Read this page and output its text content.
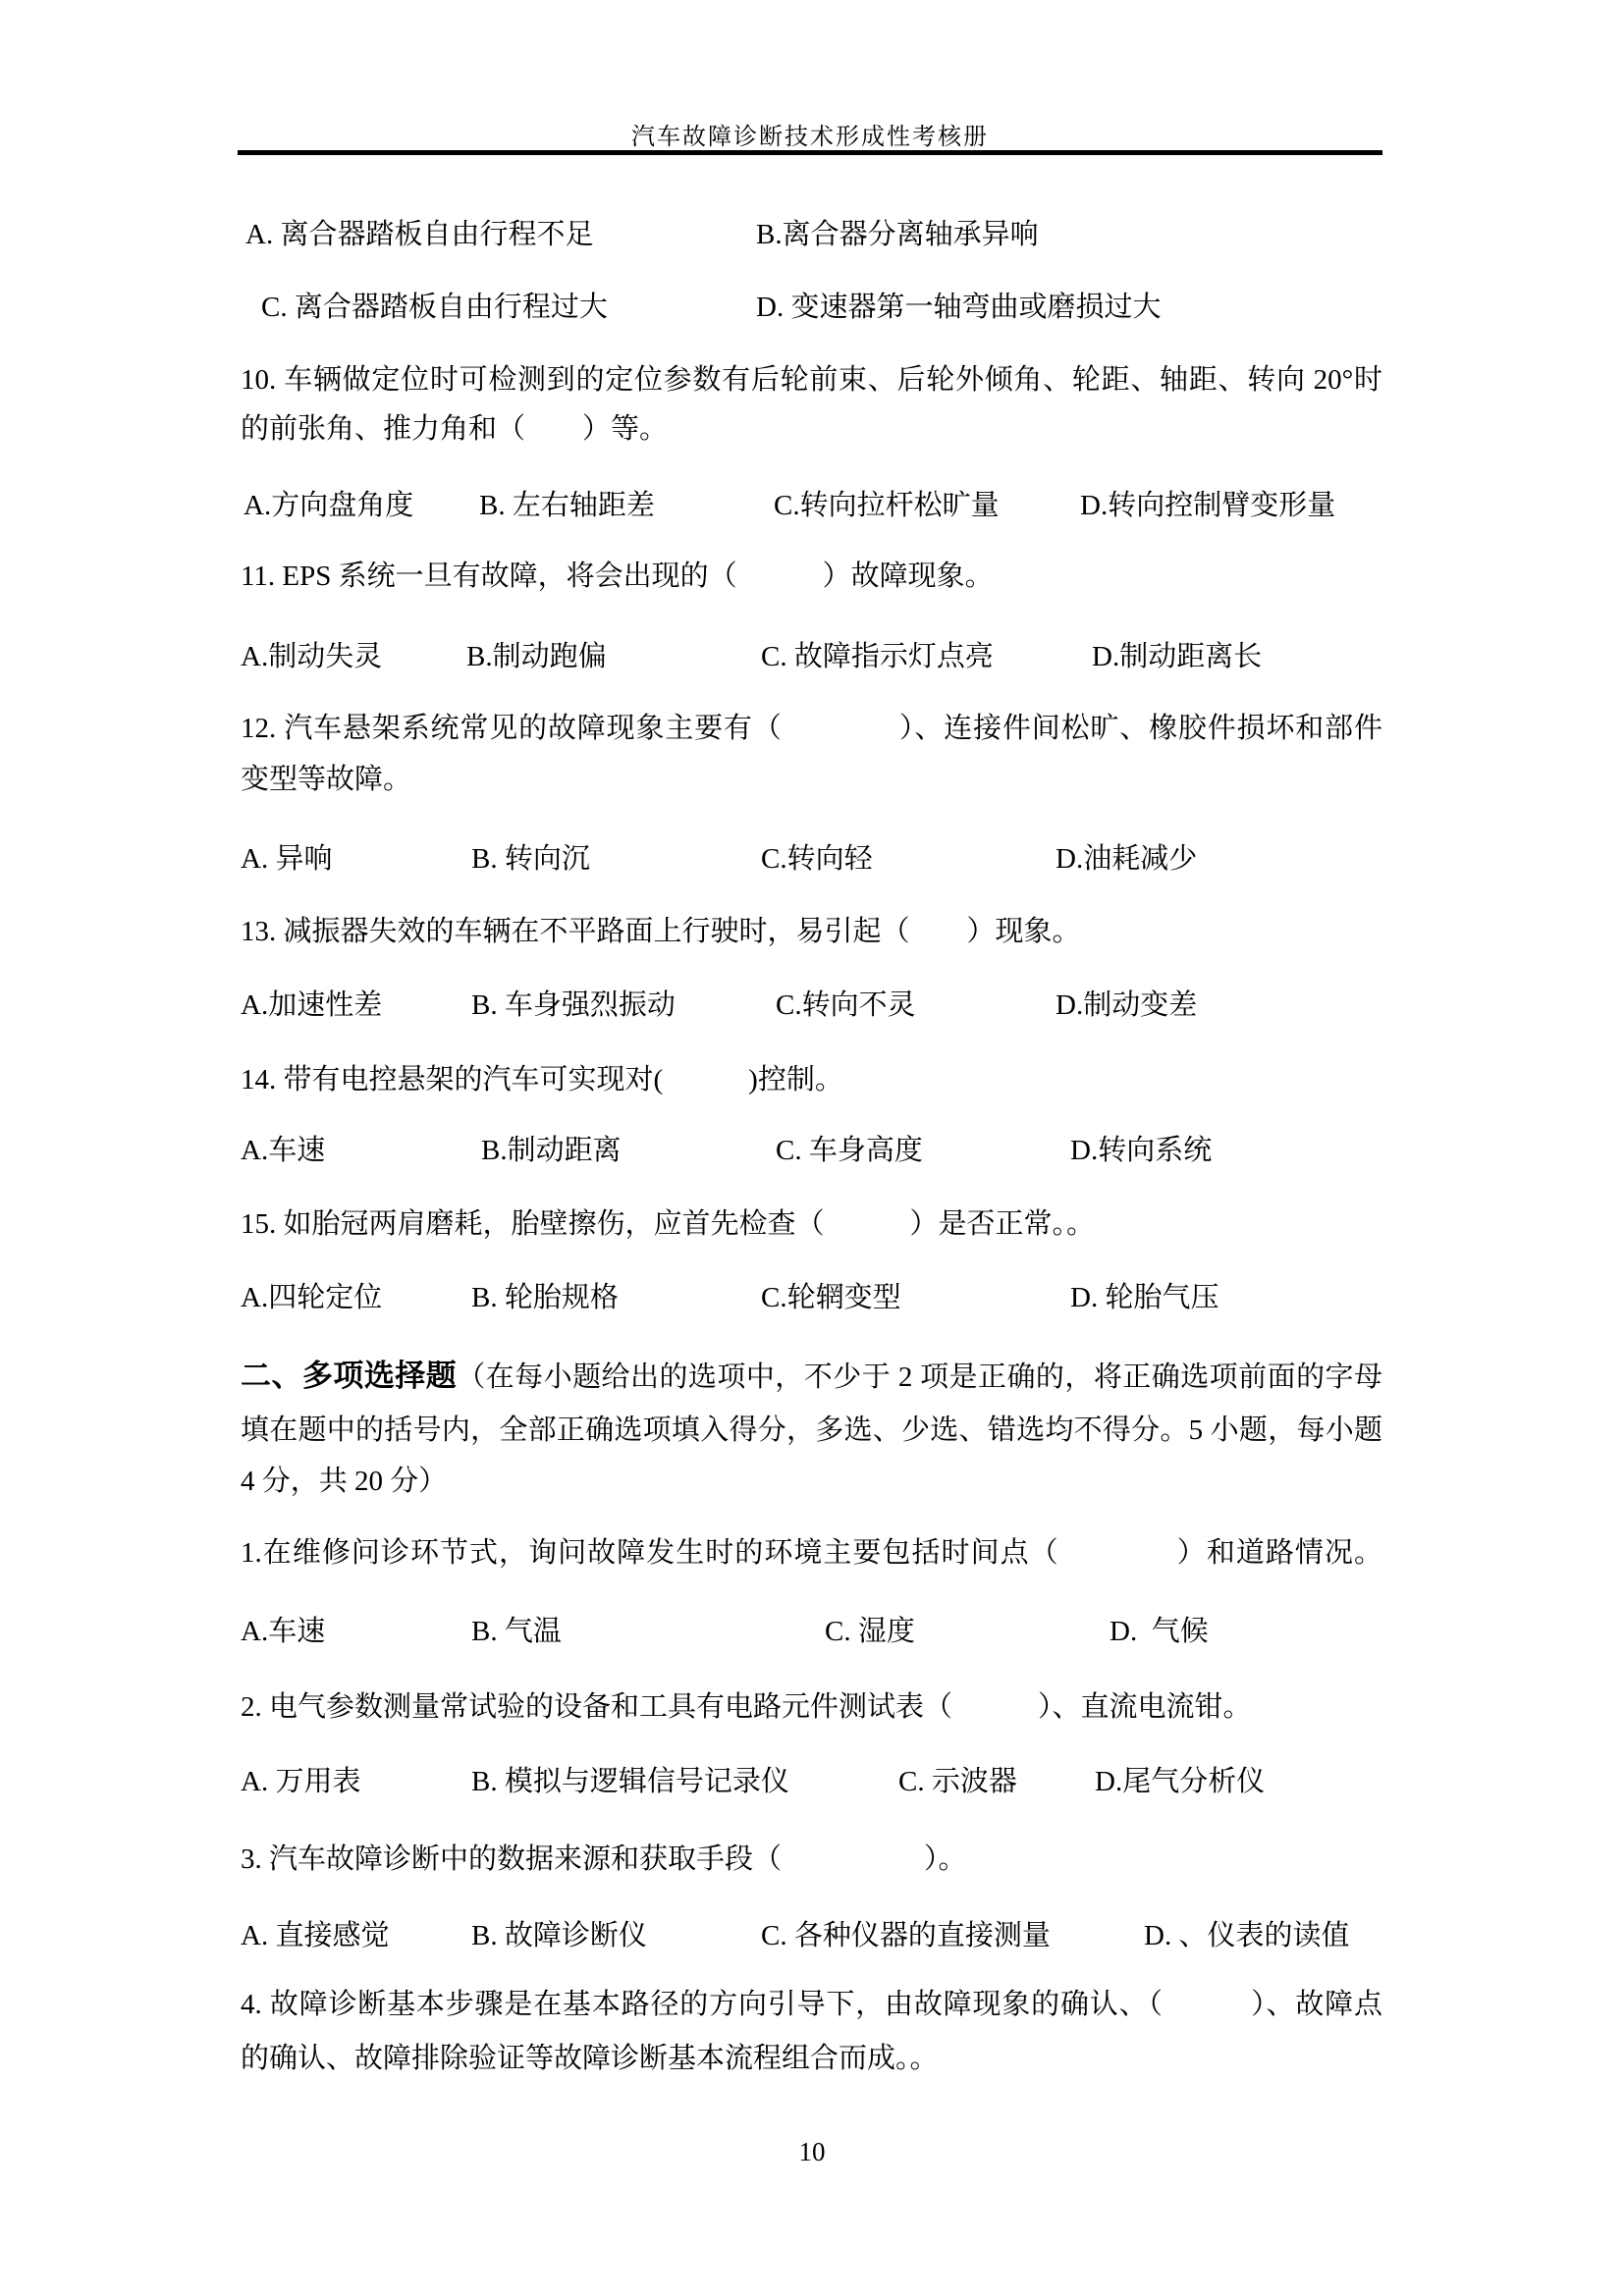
汽车故障诊断技术形成性考核册

A. 离合器踏板自由行程不足

	B.离合器分离轴承异响

C. 离合器踏板自由行程过大

	D. 变速器第一轴弯曲或磨损过大

10. 车辆做定位时可检测到的定位参数有后轮前束、后轮外倾角、轮距、轴距、转向 20°时
的前张角、推力角和（　　）等。

A.方向盘角度

B. 左右轴距差

	C.转向拉杆松旷量

	D.转向控制臂变形量

11. EPS 系统一旦有故障，将会出现的（　　　）故障现象。

A.制动失灵

	B.制动跑偏

	C. 故障指示灯点亮

	D.制动距离长

12. 汽车悬架系统常见的故障现象主要有（　　　　）、连接件间松旷、橡胶件损坏和部件
变型等故障。

A. 异响

	B. 转向沉

	C.转向轻

	D.油耗减少

13. 减振器失效的车辆在不平路面上行驶时，易引起（　　）现象。

A.加速性差

	B. 车身强烈振动

	C.转向不灵

	D.制动变差

14. 带有电控悬架的汽车可实现对(　　　)控制。

A.车速

	B.制动距离

	C. 车身高度

	D.转向系统

15. 如胎冠两肩磨耗，胎壁擦伤，应首先检查（　　　）是否正常。。

A.四轮定位

	B. 轮胎规格

	C.轮辋变型

	D. 轮胎气压

二、多项选择题（在每小题给出的选项中，不少于 2 项是正确的，将正确选项前面的字母
填在题中的括号内，全部正确选项填入得分，多选、少选、错选均不得分。5 小题，每小题
4 分，共 20 分）
1.在维修问诊环节式，询问故障发生时的环境主要包括时间点（　　　　）和道路情况。

A.车速

	B. 气温

	C. 湿度

	D.  气候

2. 电气参数测量常试验的设备和工具有电路元件测试表（　　　）、直流电流钳。

A. 万用表

	B. 模拟与逻辑信号记录仪

	C. 示波器

	D.尾气分析仪

3. 汽车故障诊断中的数据来源和获取手段（　　　　　）。

A. 直接感觉

	B. 故障诊断仪

	C. 各种仪器的直接测量

	D. 、仪表的读值

4. 故障诊断基本步骤是在基本路径的方向引导下，由故障现象的确认、（　　　）、故障点
的确认、故障排除验证等故障诊断基本流程组合而成。。
10
